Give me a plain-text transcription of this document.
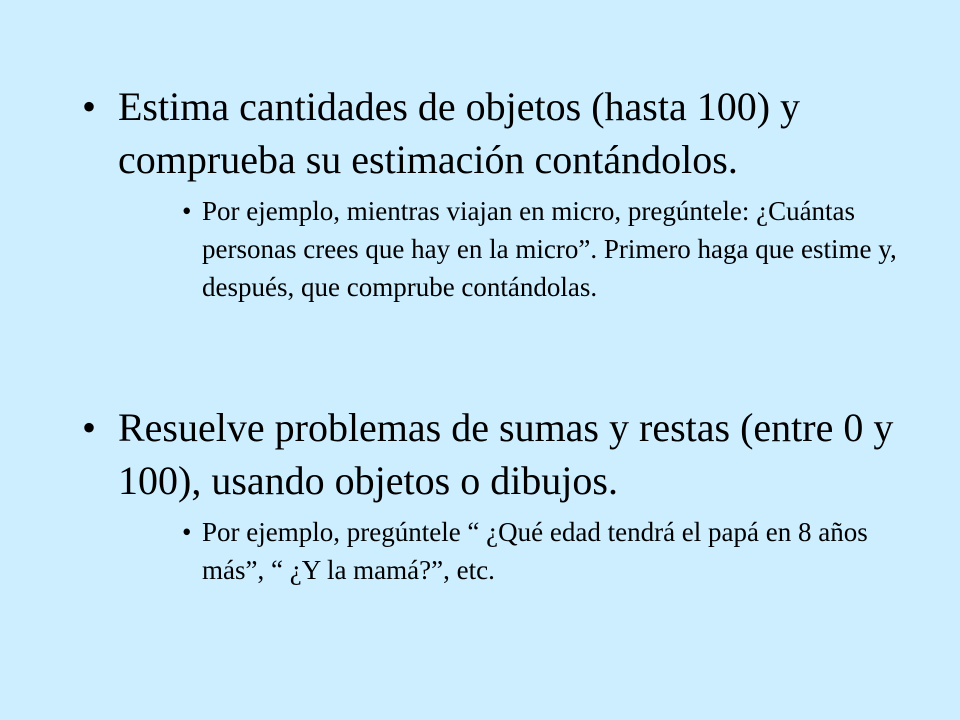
• Estima cantidades de objetos (hasta 100) y comprueba su estimación contándolos.
• Por ejemplo, mientras viajan en micro, pregúntele: ¿Cuántas personas crees que hay en la micro”. Primero haga que estime y, después, que comprube contándolas.
• Resuelve problemas de sumas y restas (entre 0 y 100), usando objetos o dibujos.
• Por ejemplo, pregúntele “ ¿Qué edad tendrá el papá en 8 años más”, “ ¿Y la mamá?”, etc.
